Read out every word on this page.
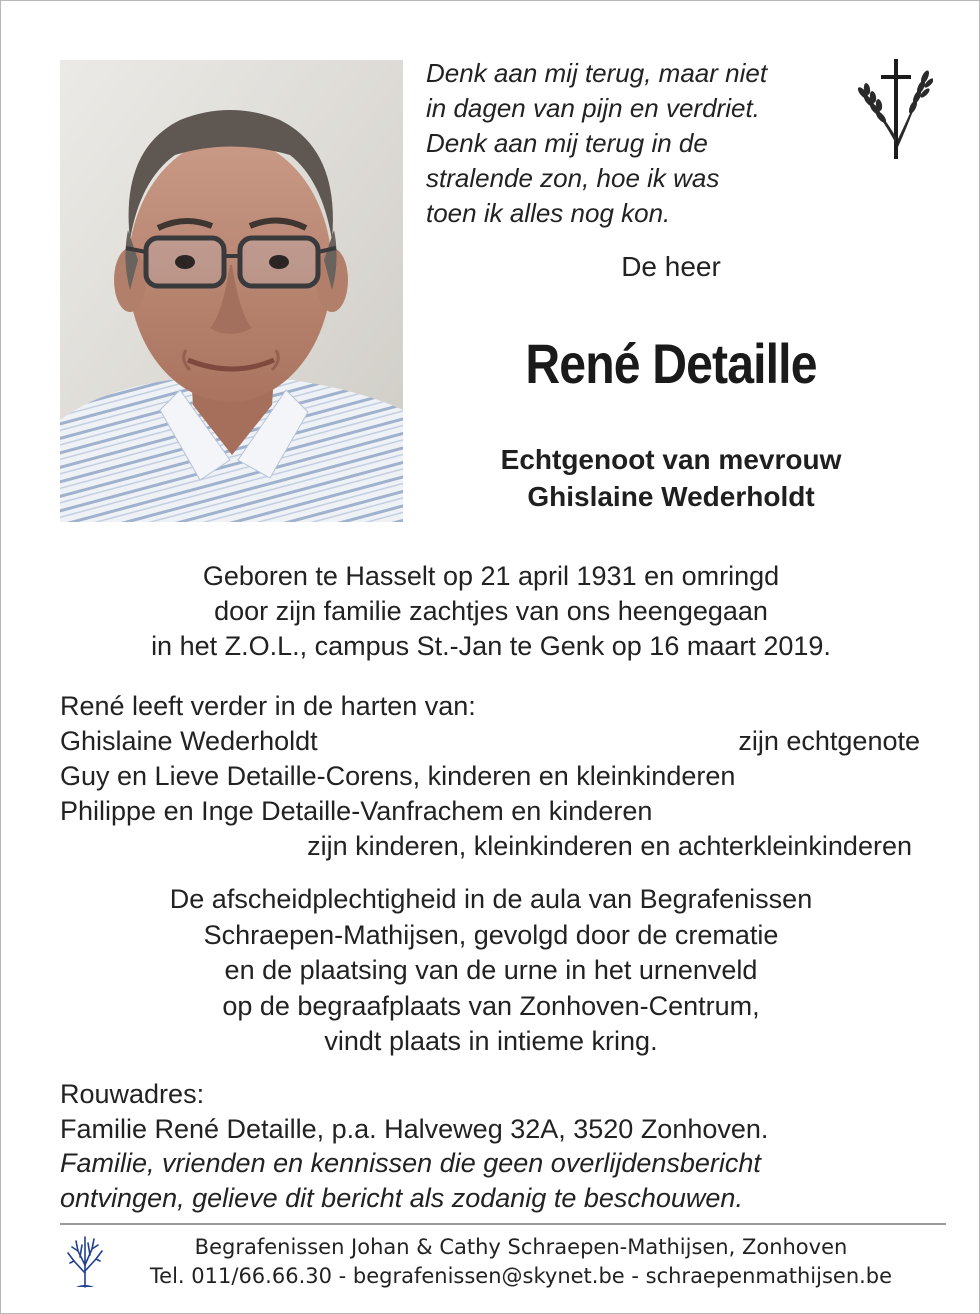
Denk aan mij terug, maar niet
in dagen van pijn en verdriet.
Denk aan mij terug in de
stralende zon, hoe ik was
toen ik alles nog kon.
De heer
René Detaille
Echtgenoot van mevrouw
Ghislaine Wederholdt
Geboren te Hasselt op 21 april 1931 en omringd
door zijn familie zachtjes van ons heengegaan
in het Z.O.L., campus St.-Jan te Genk op 16 maart 2019.
René leeft verder in de harten van:
Ghislaine Wederholdt	zijn echtgenote
Guy en Lieve Detaille-Corens, kinderen en kleinkinderen
Philippe en Inge Detaille-Vanfrachem en kinderen
zijn kinderen, kleinkinderen en achterkleinkinderen
De afscheidplechtigheid in de aula van Begrafenissen
Schraepen-Mathijsen, gevolgd door de crematie
en de plaatsing van de urne in het urnenveld
op de begraafplaats van Zonhoven-Centrum,
vindt plaats in intieme kring.
Rouwadres:
Familie René Detaille, p.a. Halveweg 32A, 3520 Zonhoven.
Familie, vrienden en kennissen die geen overlijdensbericht
ontvingen, gelieve dit bericht als zodanig te beschouwen.
Begrafenissen Johan & Cathy Schraepen-Mathijsen, Zonhoven
Tel. 011/66.66.30 - begrafenissen@skynet.be - schraepenmathijsen.be
